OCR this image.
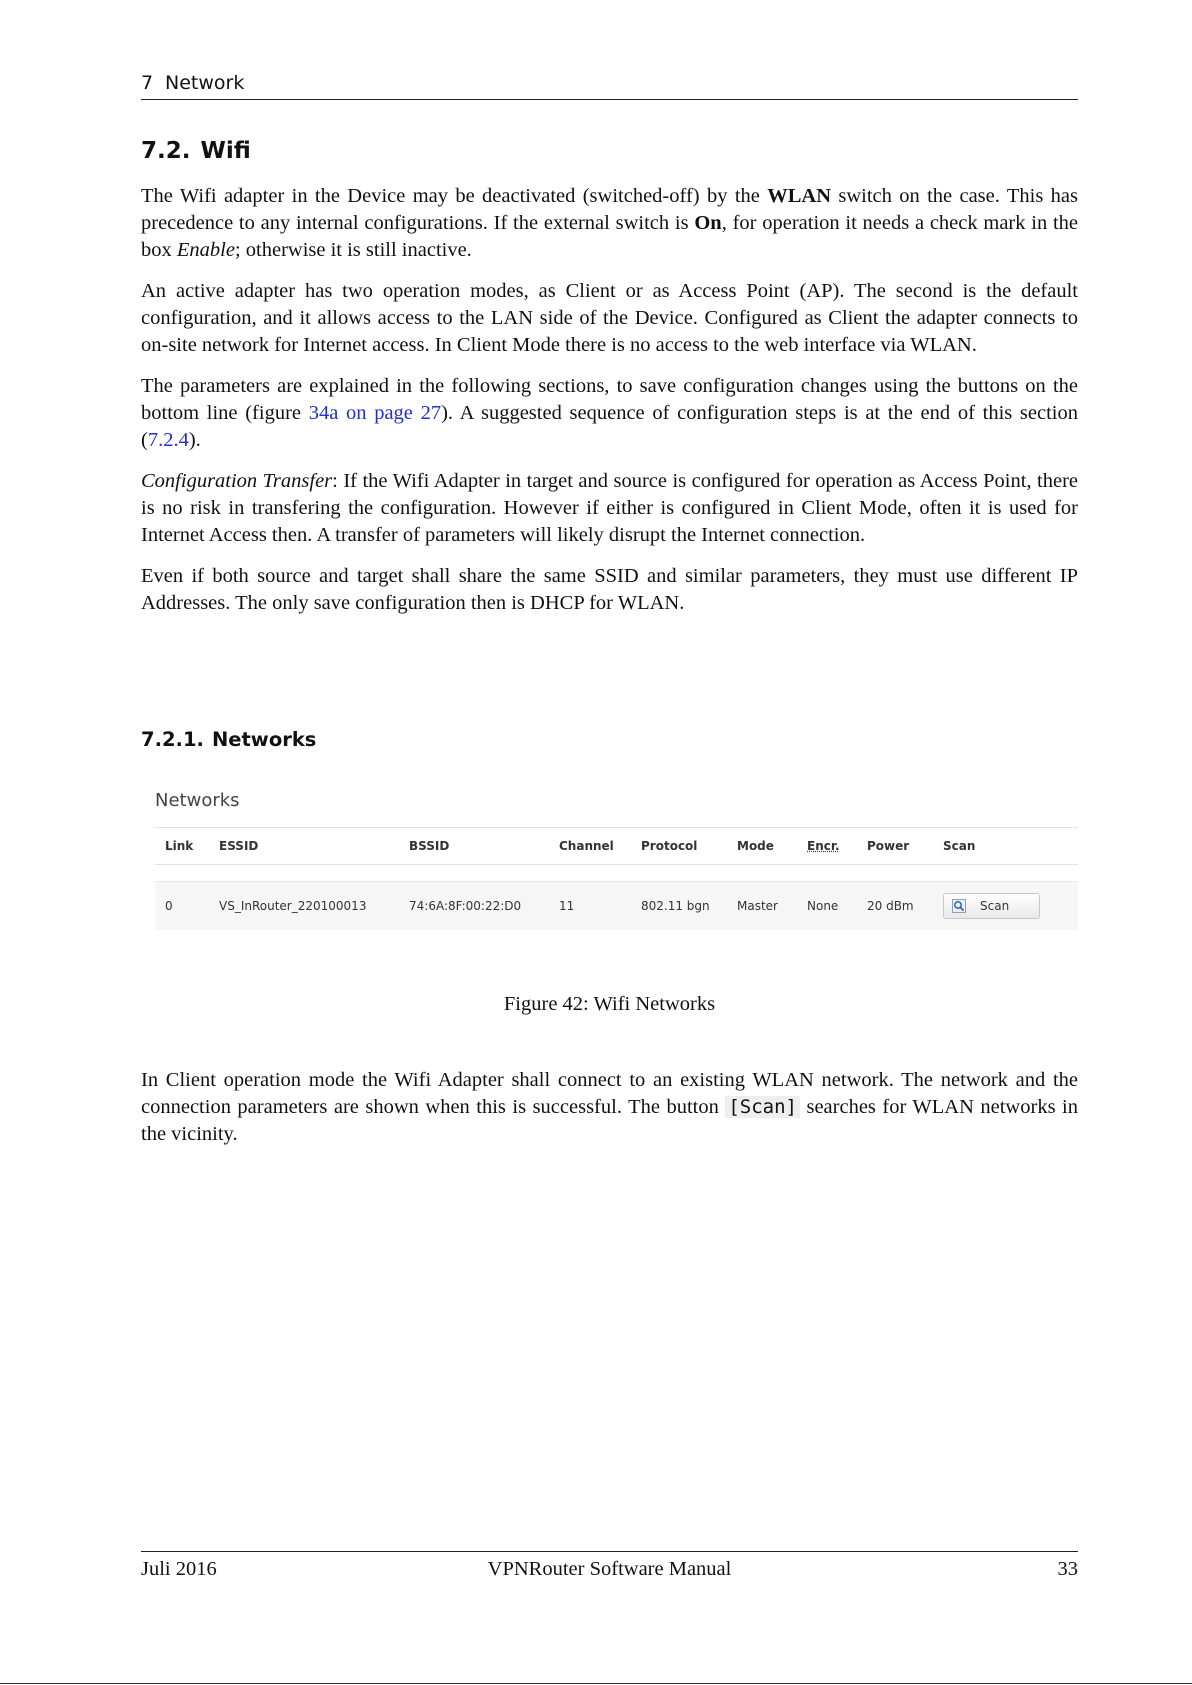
7 Network
7.2. Wifi

The Wifi adapter in the Device may be deactivated (switched-off) by the WLAN switch on the case. This has precedence to any internal configurations. If the external switch is On, for operation it needs a check mark in the box Enable; otherwise it is still inactive.

An active adapter has two operation modes, as Client or as Access Point (AP). The second is the default configuration, and it allows access to the LAN side of the Device. Configured as Client the adapter connects to on-site network for Internet access. In Client Mode there is no access to the web interface via WLAN.

The parameters are explained in the following sections, to save configuration changes using the buttons on the bottom line (figure 34a on page 27). A suggested sequence of configuration steps is at the end of this section (7.2.4).

Configuration Transfer: If the Wifi Adapter in target and source is configured for operation as Access Point, there is no risk in transfering the configuration. However if either is configured in Client Mode, often it is used for Internet Access then. A transfer of parameters will likely disrupt the Internet connection.

Even if both source and target shall share the same SSID and similar parameters, they must use different IP Addresses. The only save configuration then is DHCP for WLAN.

7.2.1. Networks
Networks
Link	ESSID	BSSID	Channel	Protocol	Mode	Encr.	Power	Scan

0	VS_InRouter_220100013	74:6A:8F:00:22:D0	11	802.11 bgn	Master	None	20 dBm	Scan
Figure 42: Wifi Networks

In Client operation mode the Wifi Adapter shall connect to an existing WLAN network. The network and the connection parameters are shown when this is successful. The button [Scan] searches for WLAN networks in the vicinity.

Juli 2016	VPNRouter Software Manual	33
